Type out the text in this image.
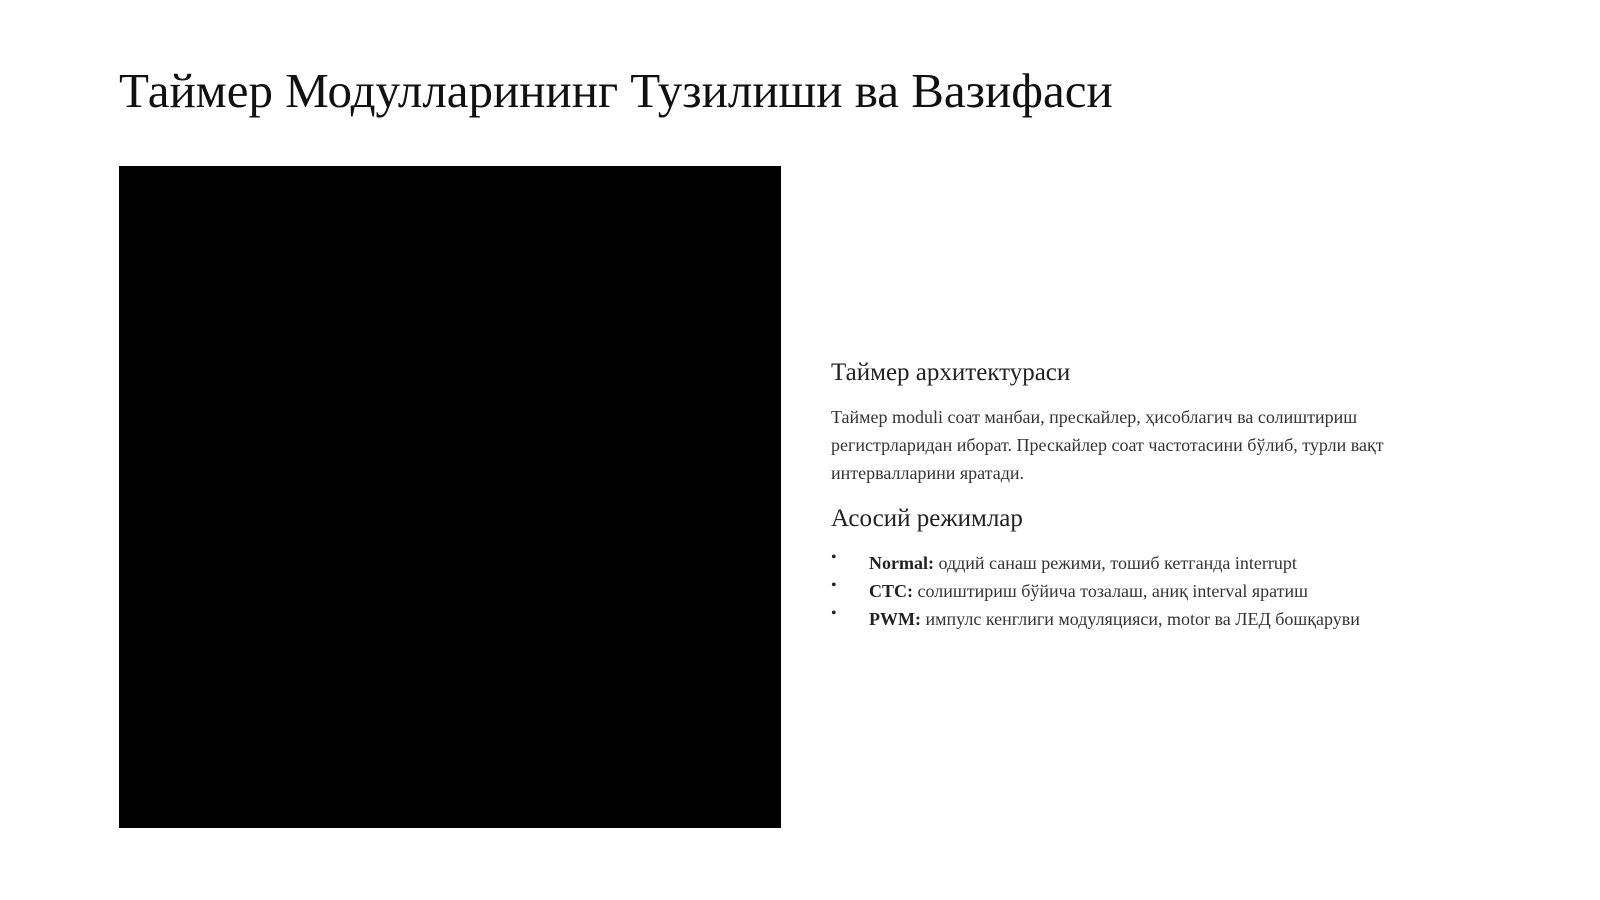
Таймер Модулларининг Тузилиши ва Вазифаси
Таймер архитектураси

Таймер moduli соат манбаи, прескайлер, ҳисоблагич ва солиштириш регистрларидан иборат. Прескайлер соат частотасини бўлиб, турли вақт интервалларини яратади.

Асосий режимлар
• Normal: оддий санаш режими, тошиб кетганда interrupt
• CTC: солиштириш бўйича тозалаш, аниқ interval яратиш
• PWM: импулс кенглиги модуляцияси, motor ва ЛЕД бошқаруви
